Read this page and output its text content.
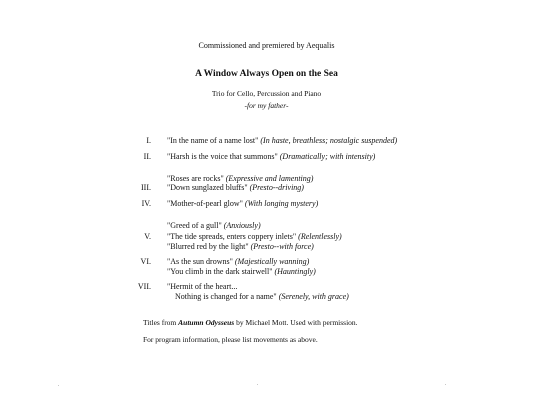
Commissioned and premiered by Aequalis
A Window Always Open on the Sea
Trio for Cello, Percussion and Piano
-for my father-
I. "In the name of a name lost" (In haste, breathless; nostalgic suspended)
II. "Harsh is the voice that summons" (Dramatically; with intensity)
"Roses are rocks" (Expressive and lamenting)
III. "Down sunglazed bluffs" (Presto--driving)
IV. "Mother-of-pearl glow" (With longing mystery)
"Greed of a gull" (Anxiously)
V. "The tide spreads, enters coppery inlets" (Relentlessly)
"Blurred red by the light" (Presto--with force)
VI. "As the sun drowns" (Majestically wanning)
"You climb in the dark stairwell" (Hauntingly)
VII. "Hermit of the heart...
Nothing is changed for a name" (Serenely, with grace)
Titles from Autumn Odysseus by Michael Mott. Used with permission.
For program information, please list movements as above.
